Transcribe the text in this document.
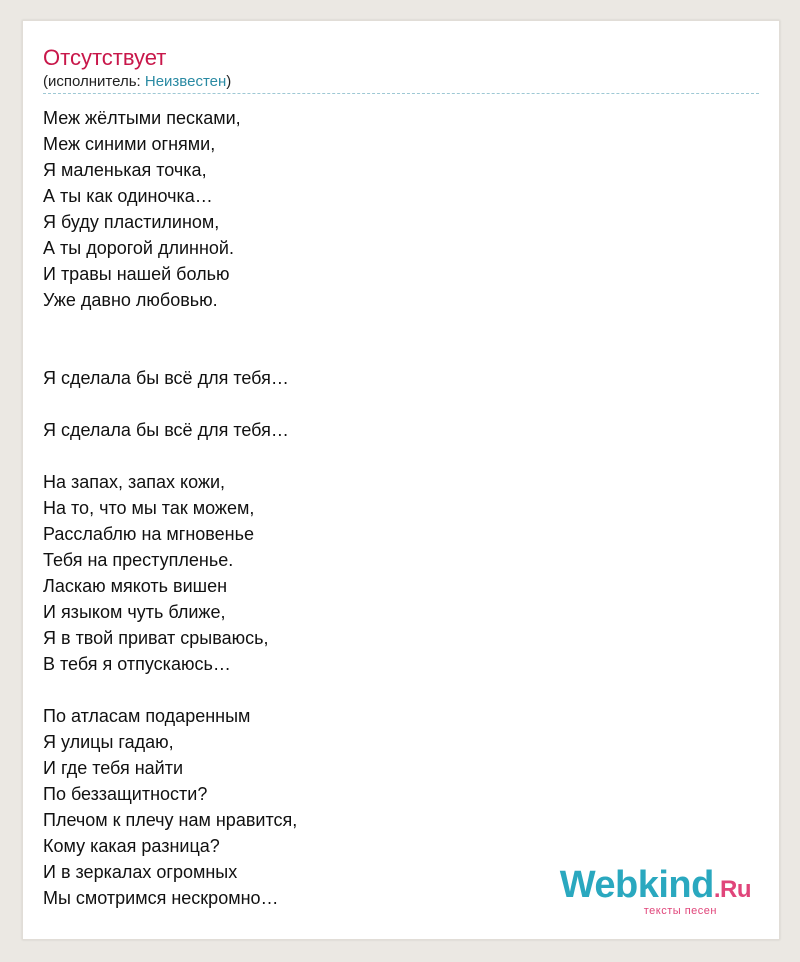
Отсутствует
(исполнитель: Неизвестен)
Меж жёлтыми песками,
Меж синими огнями,
Я маленькая точка,
А ты как одиночка…
Я буду пластилином,
А ты дорогой длинной.
И травы нашей болью
Уже давно любовью.
Я сделала бы всё для тебя…
Я сделала бы всё для тебя…
На запах, запах кожи,
На то, что мы так можем,
Расслаблю на мгновенье
Тебя на преступленье.
Ласкаю мякоть вишен
И языком чуть ближе,
Я в твой приват срываюсь,
В тебя я отпускаюсь…
По атласам подаренным
Я улицы гадаю,
И где тебя найти
По беззащитности?
Плечом к плечу нам нравится,
Кому какая разница?
И в зеркалах огромных
Мы смотримся нескромно…	Webkind.Ru
тексты песен
